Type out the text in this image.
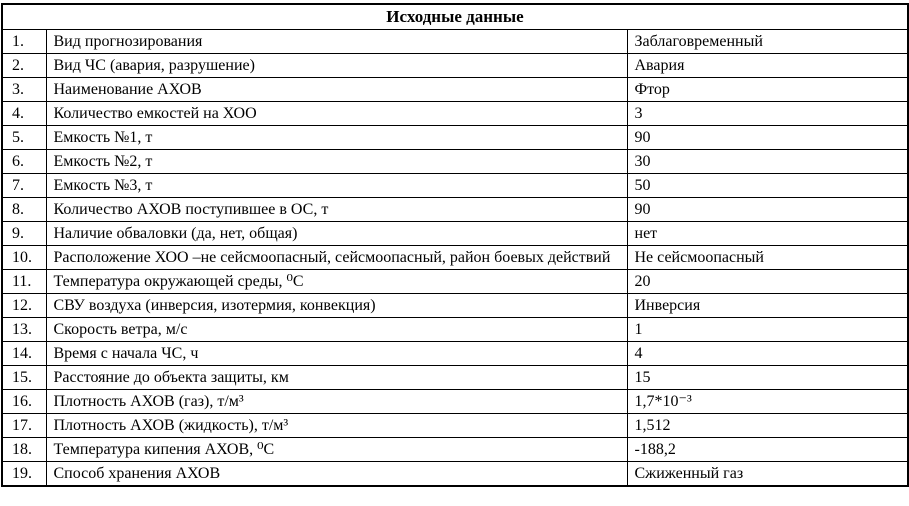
Исходные данные		
1.	Вид прогнозирования	Заблаговременный
2.	Вид ЧС (авария, разрушение)	Авария
3.	Наименование АХОВ	Фтор
4.	Количество емкостей на ХОО	3
5.	Емкость №1, т	90
6.	Емкость №2, т	30
7.	Емкость №3, т	50
8.	Количество АХОВ поступившее в ОС, т	90
9.	Наличие обваловки (да, нет, общая)	нет
10.	Расположение ХОО –не сейсмоопасный, сейсмоопасный, район боевых действий	Не сейсмоопасный
11.	Температура окружающей среды, ⁰С	20
12.	СВУ воздуха (инверсия, изотермия, конвекция)	Инверсия
13.	Скорость ветра, м/с	1
14.	Время с начала ЧС, ч	4
15.	Расстояние до объекта защиты, км	15
16.	Плотность АХОВ (газ), т/м³	1,7*10⁻³
17.	Плотность АХОВ (жидкость), т/м³	1,512
18.	Температура кипения АХОВ, ⁰С	-188,2
19.	Способ хранения АХОВ	Сжиженный газ
